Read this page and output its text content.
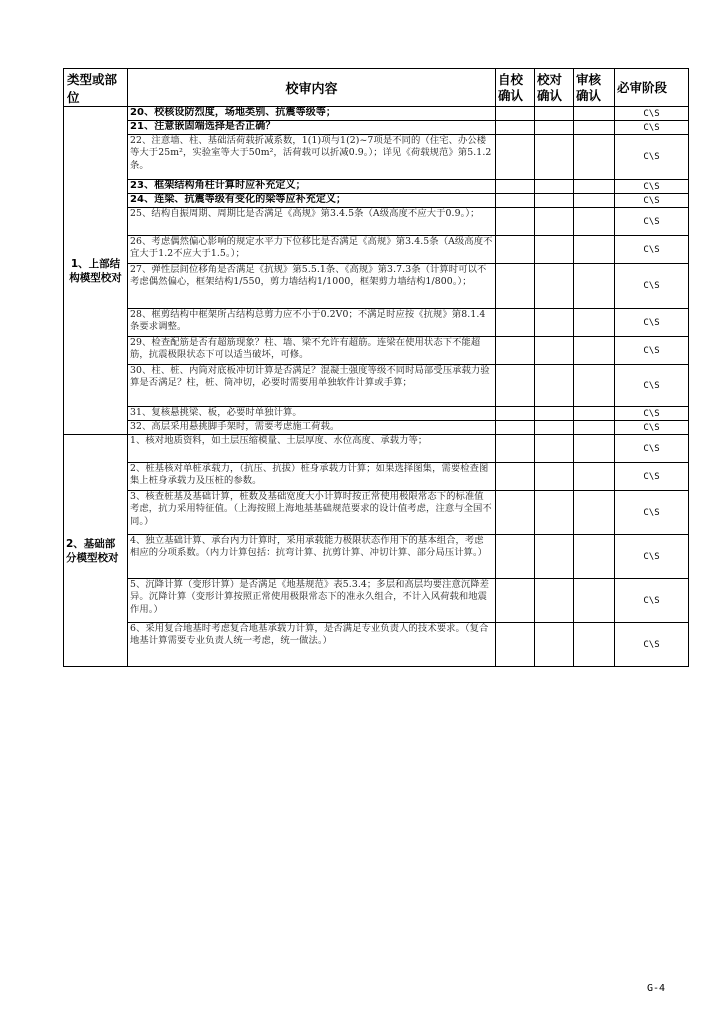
类型或部位	校审内容	自校确认	校对确认	审核确认	必审阶段
1、上部结构模型校对	20、校核设防烈度，场地类别、抗震等级等；				C\S
	21、注意嵌固端选择是否正确？				C\S
	22、注意墙、柱、基础活荷载折减系数，1(1)项与1(2)~7项是不同的（住宅、办公楼等大于25m²，实验室等大于50m²，活荷载可以折减0.9。）；详见《荷载规范》第5.1.2条。				C\S
	23、框架结构角柱计算时应补充定义；				C\S
	24、连梁、抗震等级有变化的梁等应补充定义；				C\S
	25、结构自振周期、周期比是否满足《高规》第3.4.5条（A级高度不应大于0.9。）；				C\S
	26、考虑偶然偏心影响的规定水平力下位移比是否满足《高规》第3.4.5条（A级高度不宜大于1.2不应大于1.5。）；				C\S
	27、弹性层间位移角是否满足《抗规》第5.5.1条、《高规》第3.7.3条（计算时可以不考虑偶然偏心，框架结构1/550，剪力墙结构1/1000，框架剪力墙结构1/800。）；				C\S
	28、框剪结构中框架所占结构总剪力应不小于0.2V0；不满足时应按《抗规》第8.1.4条要求调整。				C\S
	29、检查配筋是否有超筋现象？柱、墙、梁不允许有超筋。连梁在使用状态下不能超筋，抗震极限状态下可以适当破坏，可修。				C\S
	30、柱、桩、内筒对底板冲切计算是否满足？混凝土强度等级不同时局部受压承载力验算是否满足？柱，桩、筒冲切，必要时需要用单独软件计算或手算；				C\S
	31、复核悬挑梁、板，必要时单独计算。				C\S
	32、高层采用悬挑脚手架时，需要考虑施工荷载。				C\S
2、基础部分模型校对	1、核对地质资料，如土层压缩模量、土层厚度、水位高度、承载力等；				C\S
	2、桩基核对单桩承载力，（抗压、抗拔）桩身承载力计算；如果选择图集，需要检查图集上桩身承载力及压桩的参数。				C\S
	3、核查桩基及基础计算，桩数及基础宽度大小计算时按正常使用极限常态下的标准值考虑，抗力采用特征值。（上海按照上海地基基础规范要求的设计值考虑，注意与全国不同。）				C\S
	4、独立基础计算、承台内力计算时，采用承载能力极限状态作用下的基本组合，考虑相应的分项系数。（内力计算包括：抗弯计算、抗剪计算、冲切计算、部分局压计算。）				C\S
	5、沉降计算（变形计算）是否满足《地基规范》表5.3.4；多层和高层均要注意沉降差异。沉降计算（变形计算按照正常使用极限常态下的准永久组合，不计入风荷载和地震作用。）				C\S
	6、采用复合地基时考虑复合地基承载力计算，是否满足专业负责人的技术要求。（复合地基计算需要专业负责人统一考虑，统一做法。）				C\S
G-4
